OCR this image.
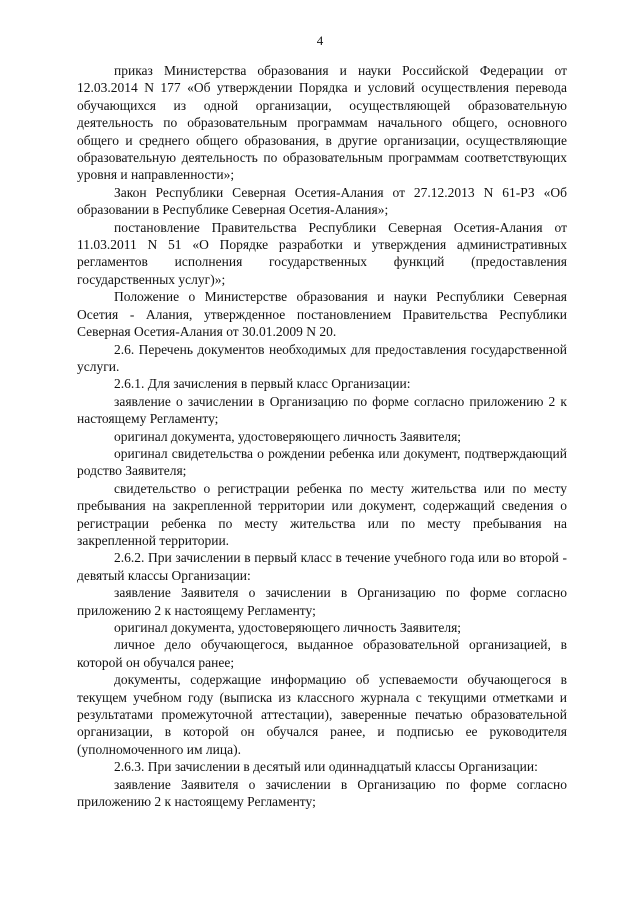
4

приказ Министерства образования и науки Российской Федерации от 12.03.2014 N 177 «Об утверждении Порядка и условий осуществления перевода обучающихся из одной организации, осуществляющей образовательную деятельность по образовательным программам начального общего, основного общего и среднего общего образования, в другие организации, осуществляющие образовательную деятельность по образовательным программам соответствующих уровня и направленности»;

Закон Республики Северная Осетия-Алания от 27.12.2013 N 61-РЗ «Об образовании в Республике Северная Осетия-Алания»;

постановление Правительства Республики Северная Осетия-Алания от 11.03.2011 N 51 «О Порядке разработки и утверждения административных регламентов исполнения государственных функций (предоставления государственных услуг)»;

Положение о Министерстве образования и науки Республики Северная Осетия - Алания, утвержденное постановлением Правительства Республики Северная Осетия-Алания от 30.01.2009 N 20.

2.6. Перечень документов необходимых для предоставления государственной услуги.

2.6.1. Для зачисления в первый класс Организации:

заявление о зачислении в Организацию по форме согласно приложению 2 к настоящему Регламенту;

оригинал документа, удостоверяющего личность Заявителя;

оригинал свидетельства о рождении ребенка или документ, подтверждающий родство Заявителя;

свидетельство о регистрации ребенка по месту жительства или по месту пребывания на закрепленной территории или документ, содержащий сведения о регистрации ребенка по месту жительства или по месту пребывания на закрепленной территории.

2.6.2. При зачислении в первый класс в течение учебного года или во второй - девятый классы Организации:

заявление Заявителя о зачислении в Организацию по форме согласно приложению 2 к настоящему Регламенту;

оригинал документа, удостоверяющего личность Заявителя;

личное дело обучающегося, выданное образовательной организацией, в которой он обучался ранее;

документы, содержащие информацию об успеваемости обучающегося в текущем учебном году (выписка из классного журнала с текущими отметками и результатами промежуточной аттестации), заверенные печатью образовательной организации, в которой он обучался ранее, и подписью ее руководителя (уполномоченного им лица).

2.6.3. При зачислении в десятый или одиннадцатый классы Организации:

заявление Заявителя о зачислении в Организацию по форме согласно приложению 2 к настоящему Регламенту;
